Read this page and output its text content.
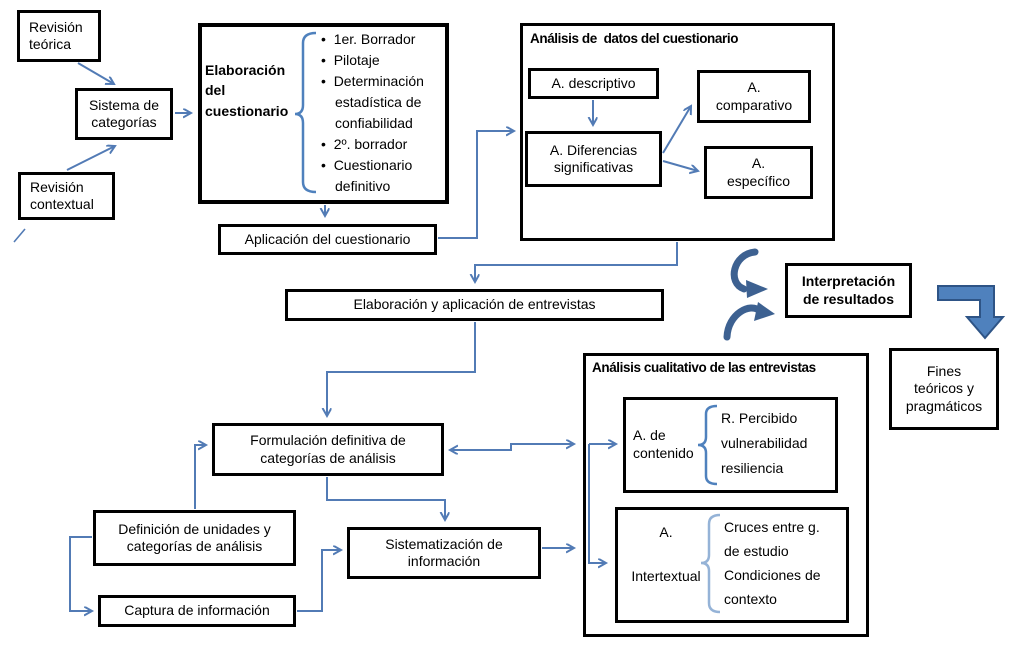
Revisión
teórica
Sistema de
categorías
Revisión
contextual
Elaboración
del
cuestionario
•  1er. Borrador
•  Pilotaje
•  Determinación
estadística de
confiabilidad
•  2º. borrador
•  Cuestionario
definitivo
Aplicación del cuestionario
Análisis de  datos del cuestionario
A. descriptivo	A.
comparativo
A. Diferencias
significativas	A.
específico
Elaboración y aplicación de entrevistas
Interpretación
de resultados
Fines
teóricos y
pragmáticos
Análisis cualitativo de las entrevistas
A. de
contenido
R. Percibido
vulnerabilidad
resiliencia
A.

Intertextual
Cruces entre g.
de estudio
Condiciones de
contexto
Formulación definitiva de
categorías de análisis
Definición de unidades y
categorías de análisis
Captura de información
Sistematización de
información
